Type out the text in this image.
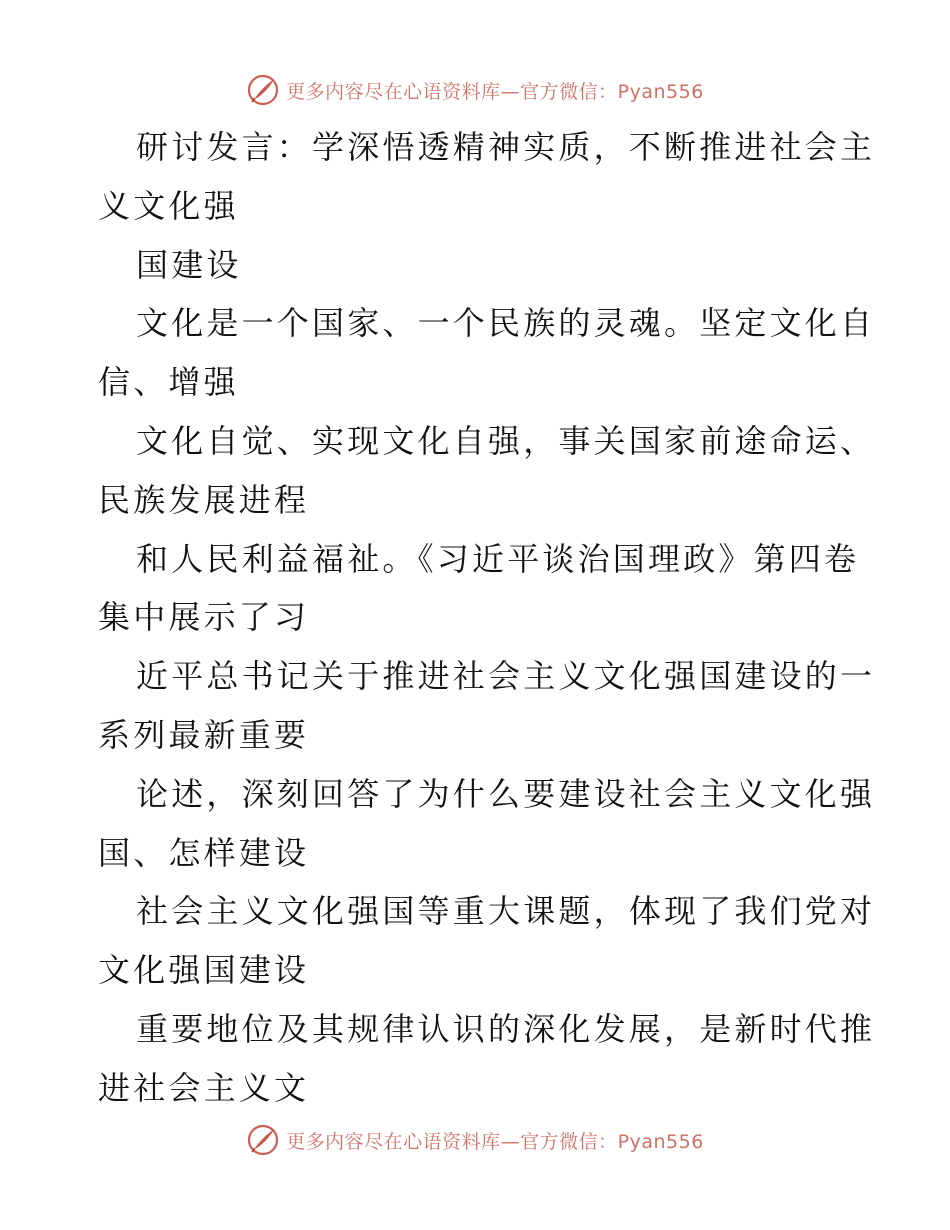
更多内容尽在心语资料库—官方微信：Pyan556
研讨发言：学深悟透精神实质，不断推进社会主
义文化强
国建设
文化是一个国家、一个民族的灵魂。坚定文化自
信、增强
文化自觉、实现文化自强，事关国家前途命运、
民族发展进程
和人民利益福祉。《习近平谈治国理政》第四卷
集中展示了习
近平总书记关于推进社会主义文化强国建设的一
系列最新重要
论述，深刻回答了为什么要建设社会主义文化强
国、怎样建设
社会主义文化强国等重大课题，体现了我们党对
文化强国建设
重要地位及其规律认识的深化发展，是新时代推
进社会主义文
更多内容尽在心语资料库—官方微信：Pyan556
